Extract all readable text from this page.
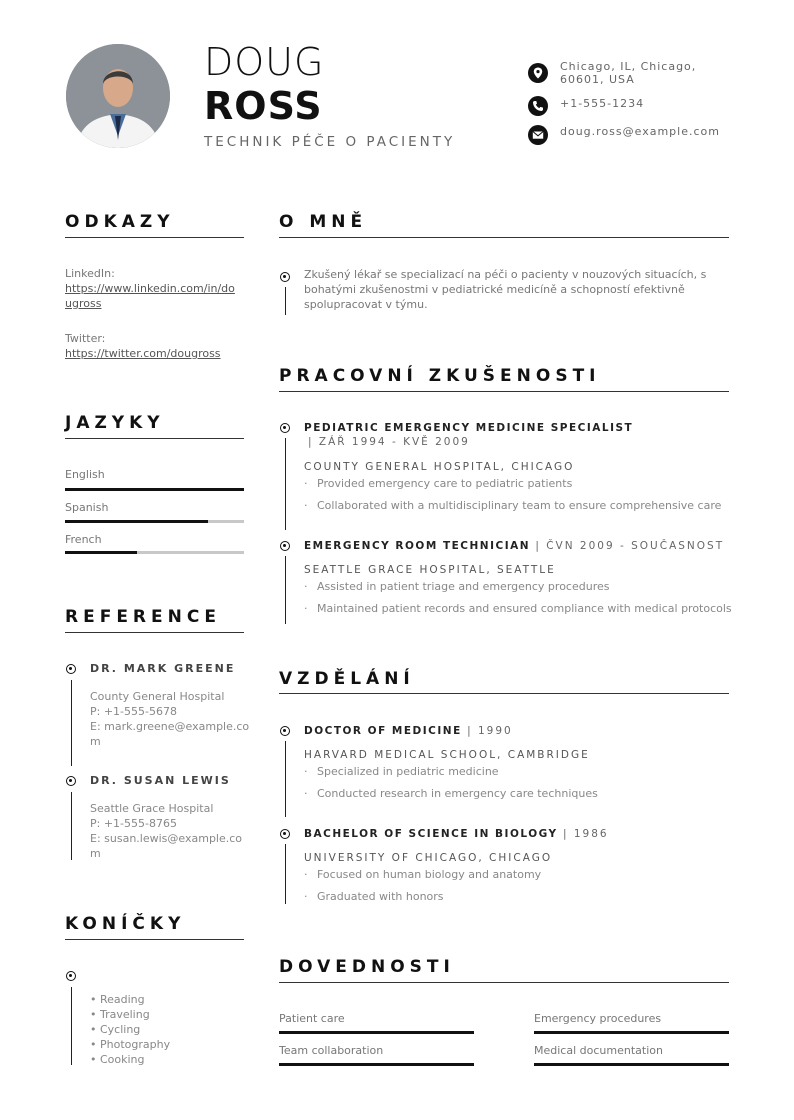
DOUG
ROSS
TECHNIK PÉČE O PACIENTY
Chicago, IL, Chicago,
60601, USA
+1-555-1234
doug.ross@example.com
ODKAZY
LinkedIn:
https://www.linkedin.com/in/do
ugross
Twitter:
https://twitter.com/dougross
JAZYKY
English
Spanish
French
REFERENCE
DR. MARK GREENE
County General Hospital
P: +1-555-5678
E: mark.greene@example.co
m
DR. SUSAN LEWIS
Seattle Grace Hospital
P: +1-555-8765
E: susan.lewis@example.co
m
KONÍČKY
• Reading
• Traveling
• Cycling
• Photography
• Cooking
O MNĚ
Zkušený lékař se specializací na péči o pacienty v nouzových situacích, s
bohatými zkušenostmi v pediatrické medicíně a schopností efektivně
spolupracovat v týmu.
PRACOVNÍ ZKUŠENOSTI
PEDIATRIC EMERGENCY MEDICINE SPECIALIST
| ZÁŘ 1994 - KVĚ 2009
COUNTY GENERAL HOSPITAL, CHICAGO
· Provided emergency care to pediatric patients
· Collaborated with a multidisciplinary team to ensure comprehensive care
EMERGENCY ROOM TECHNICIAN | ČVN 2009 - SOUČASNOST
SEATTLE GRACE HOSPITAL, SEATTLE
· Assisted in patient triage and emergency procedures
· Maintained patient records and ensured compliance with medical protocols
VZDĚLÁNÍ
DOCTOR OF MEDICINE | 1990
HARVARD MEDICAL SCHOOL, CAMBRIDGE
· Specialized in pediatric medicine
· Conducted research in emergency care techniques
BACHELOR OF SCIENCE IN BIOLOGY | 1986
UNIVERSITY OF CHICAGO, CHICAGO
· Focused on human biology and anatomy
· Graduated with honors
DOVEDNOSTI
Patient care	Emergency procedures
Team collaboration	Medical documentation
